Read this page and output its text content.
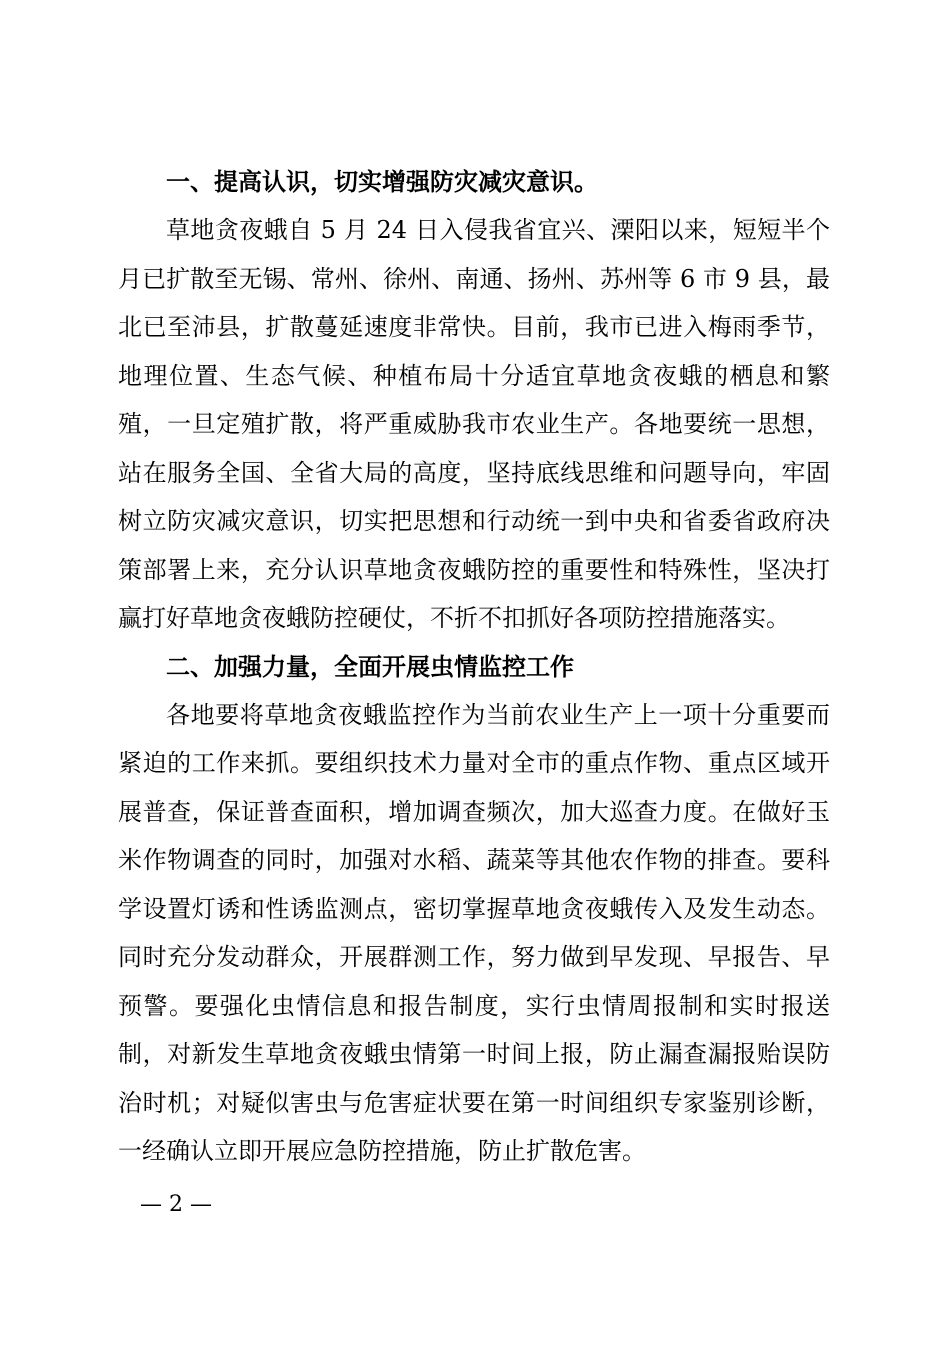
一、提高认识，切实增强防灾减灾意识。

草地贪夜蛾自 5 月 24 日入侵我省宜兴、溧阳以来，短短半个月已扩散至无锡、常州、徐州、南通、扬州、苏州等 6 市 9 县，最北已至沛县，扩散蔓延速度非常快。目前，我市已进入梅雨季节，地理位置、生态气候、种植布局十分适宜草地贪夜蛾的栖息和繁殖，一旦定殖扩散，将严重威胁我市农业生产。各地要统一思想，站在服务全国、全省大局的高度，坚持底线思维和问题导向，牢固树立防灾减灾意识，切实把思想和行动统一到中央和省委省政府决策部署上来，充分认识草地贪夜蛾防控的重要性和特殊性，坚决打赢打好草地贪夜蛾防控硬仗，不折不扣抓好各项防控措施落实。

二、加强力量，全面开展虫情监控工作

各地要将草地贪夜蛾监控作为当前农业生产上一项十分重要而紧迫的工作来抓。要组织技术力量对全市的重点作物、重点区域开展普查，保证普查面积，增加调查频次，加大巡查力度。在做好玉米作物调查的同时，加强对水稻、蔬菜等其他农作物的排查。要科学设置灯诱和性诱监测点，密切掌握草地贪夜蛾传入及发生动态。同时充分发动群众，开展群测工作，努力做到早发现、早报告、早预警。要强化虫情信息和报告制度，实行虫情周报制和实时报送制，对新发生草地贪夜蛾虫情第一时间上报，防止漏查漏报贻误防治时机；对疑似害虫与危害症状要在第一时间组织专家鉴别诊断，一经确认立即开展应急防控措施，防止扩散危害。

— 2 —
